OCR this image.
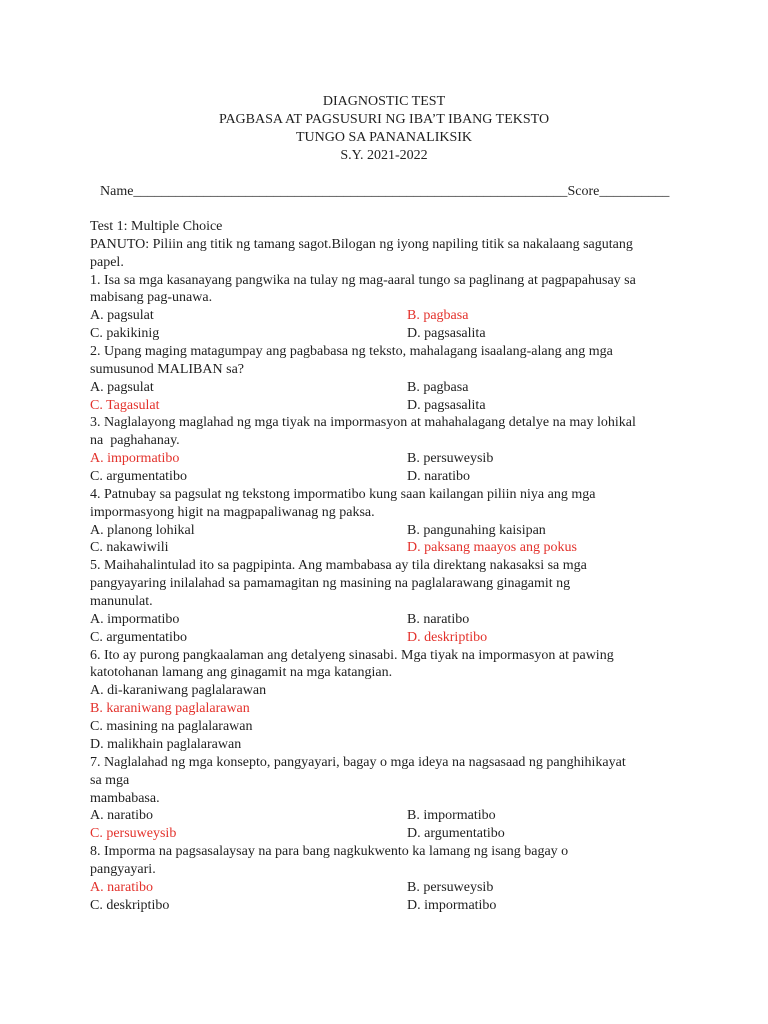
DIAGNOSTIC TEST
PAGBASA AT PAGSUSURI NG IBA’T IBANG TEKSTO
TUNGO SA PANANALIKSIK
S.Y. 2021-2022
Name______________________________________________________________ Score__________
Test 1: Multiple Choice
PANUTO: Piliin ang titik ng tamang sagot.Bilogan ng iyong napiling titik sa nakalaang sagutang
papel.
1. Isa sa mga kasanayang pangwika na tulay ng mag-aaral tungo sa paglinang at pagpapahusay sa
mabisang pag-unawa.
A. pagsulat	B. pagbasa
C. pakikinig	D. pagsasalita
2. Upang maging matagumpay ang pagbabasa ng teksto, mahalagang isaalang-alang ang mga
sumusunod MALIBAN sa?
A. pagsulat	B. pagbasa
C. Tagasulat	D. pagsasalita
3. Naglalayong maglahad ng mga tiyak na impormasyon at mahahalagang detalye na may lohikal
na  paghahanay.
A. impormatibo	B. persuweysib
C. argumentatibo	D. naratibo
4. Patnubay sa pagsulat ng tekstong impormatibo kung saan kailangan piliin niya ang mga
impormasyong higit na magpapaliwanag ng paksa.
A. planong lohikal	B. pangunahing kaisipan
C. nakawiwili	D. paksang maayos ang pokus
5. Maihahalintulad ito sa pagpipinta. Ang mambabasa ay tila direktang nakasaksi sa mga
pangyayaring inilalahad sa pamamagitan ng masining na paglalarawang ginagamit ng
manunulat.
A. impormatibo	B. naratibo
C. argumentatibo	D. deskriptibo
6. Ito ay purong pangkaalaman ang detalyeng sinasabi. Mga tiyak na impormasyon at pawing
katotohanan lamang ang ginagamit na mga katangian.
A. di-karaniwang paglalarawan
B. karaniwang paglalarawan
C. masining na paglalarawan
D. malikhain paglalarawan
7. Naglalahad ng mga konsepto, pangyayari, bagay o mga ideya na nagsasaad ng panghihikayat
sa mga
mambabasa.
A. naratibo	B. impormatibo
C. persuweysib	D. argumentatibo
8. Imporma na pagsasalaysay na para bang nagkukwento ka lamang ng isang bagay o
pangyayari.
A. naratibo	B. persuweysib
C. deskriptibo	D. impormatibo
